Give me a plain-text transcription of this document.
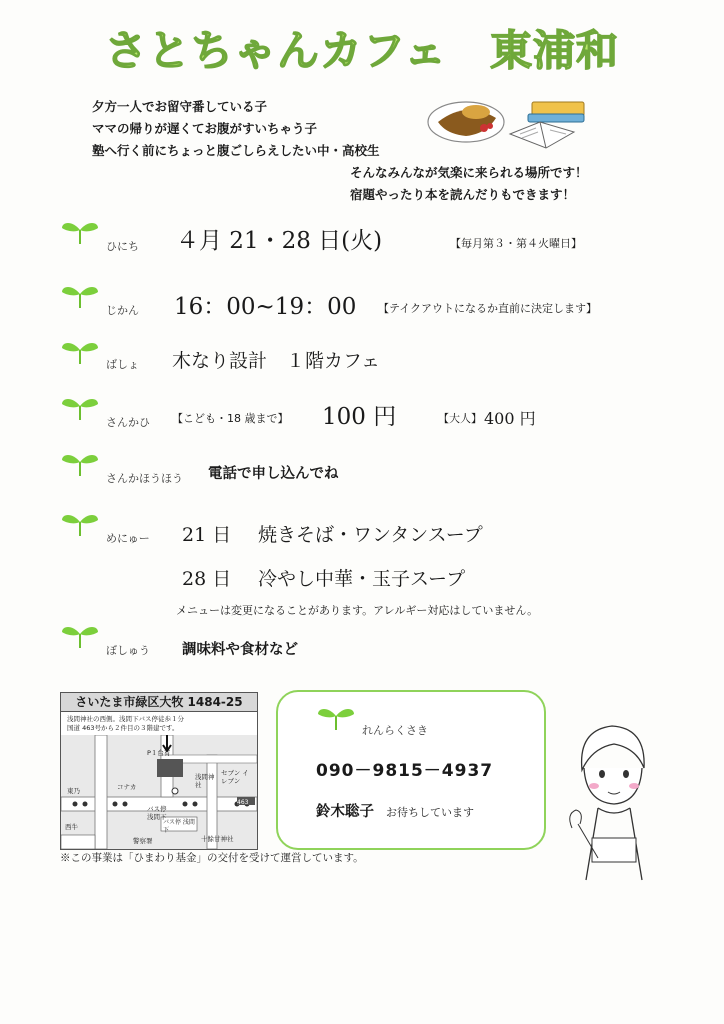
さとちゃんカフェ　東浦和
夕方一人でお留守番している子
ママの帰りが遅くてお腹がすいちゃう子
塾へ行く前にちょっと腹ごしらえしたい中・高校生
そんなみんなが気楽に来られる場所です！
宿題やったり本を読んだりもできます！
ひにち ４月 21・28 日(火)	【毎月第３・第４火曜日】
じかん 16：00~19：00 【テイクアウトになるか直前に決定します】
ばしょ 木なり設計　１階カフェ
さんかひ 【こども・18 歳まで】 100 円	【大人】 400 円
さんかほうほう 電話で申し込んでね
めにゅー 21 日 焼きそば・ワンタンスープ
28 日 冷やし中華・玉子スープ
メニューは変更になることがあります。アレルギー対応はしていません。
ぼしゅう 調味料や食材など
さいたま市緑区大牧 1484-25
浅間神社の西側。浅間下バス停徒歩１分
国道 463号から２件目の３階建です。
P１台有
コナカ
浅間神社
セブン イレブン
バス停 浅間下
バス停 浅間下
463
十餘甘神社
西牛
警察署
東乃
※この事業は「ひまわり基金」の交付を受けて運営しています。
れんらくさき
090－9815－4937
鈴木聡子 お待ちしています
